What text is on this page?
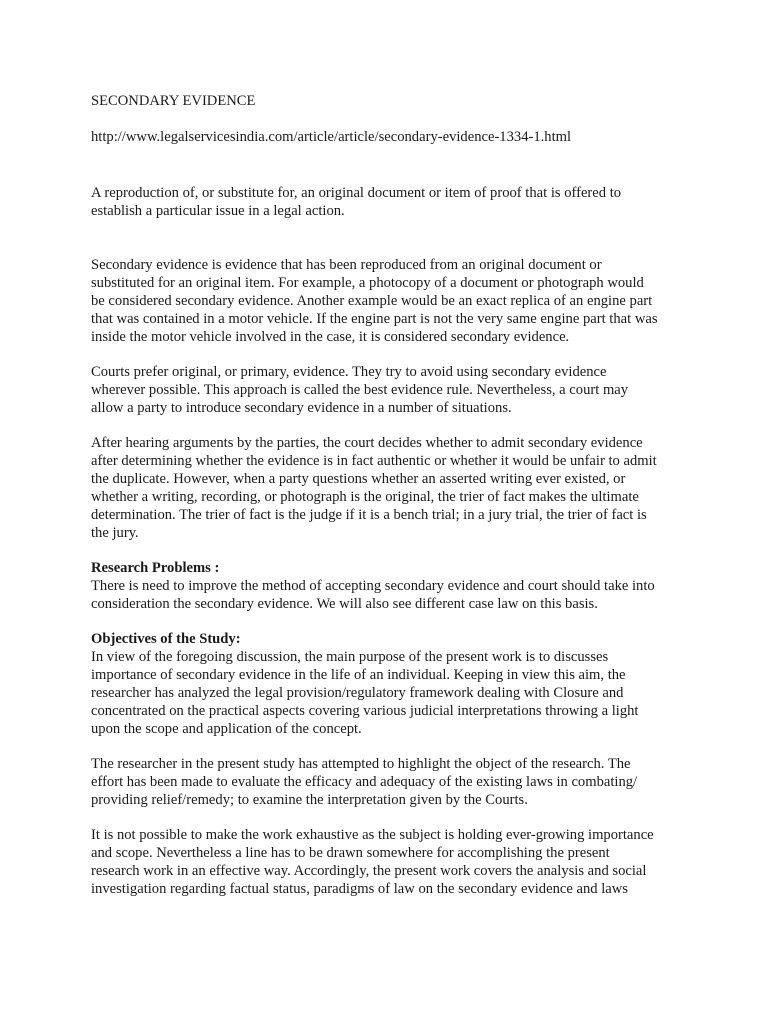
SECONDARY EVIDENCE
http://www.legalservicesindia.com/article/article/secondary-evidence-1334-1.html

A reproduction of, or substitute for, an original document or item of proof that is offered to
establish a particular issue in a legal action.

Secondary evidence is evidence that has been reproduced from an original document or
substituted for an original item. For example, a photocopy of a document or photograph would
be considered secondary evidence. Another example would be an exact replica of an engine part
that was contained in a motor vehicle. If the engine part is not the very same engine part that was
inside the motor vehicle involved in the case, it is considered secondary evidence.

Courts prefer original, or primary, evidence. They try to avoid using secondary evidence
wherever possible. This approach is called the best evidence rule. Nevertheless, a court may
allow a party to introduce secondary evidence in a number of situations.

After hearing arguments by the parties, the court decides whether to admit secondary evidence
after determining whether the evidence is in fact authentic or whether it would be unfair to admit
the duplicate. However, when a party questions whether an asserted writing ever existed, or
whether a writing, recording, or photograph is the original, the trier of fact makes the ultimate
determination. The trier of fact is the judge if it is a bench trial; in a jury trial, the trier of fact is
the jury.

Research Problems :
There is need to improve the method of accepting secondary evidence and court should take into
consideration the secondary evidence. We will also see different case law on this basis.
Objectives of the Study:
In view of the foregoing discussion, the main purpose of the present work is to discusses
importance of secondary evidence in the life of an individual. Keeping in view this aim, the
researcher has analyzed the legal provision/regulatory framework dealing with Closure and
concentrated on the practical aspects covering various judicial interpretations throwing a light
upon the scope and application of the concept.

The researcher in the present study has attempted to highlight the object of the research. The
effort has been made to evaluate the efficacy and adequacy of the existing laws in combating/
providing relief/remedy; to examine the interpretation given by the Courts.

It is not possible to make the work exhaustive as the subject is holding ever-growing importance
and scope. Nevertheless a line has to be drawn somewhere for accomplishing the present
research work in an effective way. Accordingly, the present work covers the analysis and social
investigation regarding factual status, paradigms of law on the secondary evidence and laws
